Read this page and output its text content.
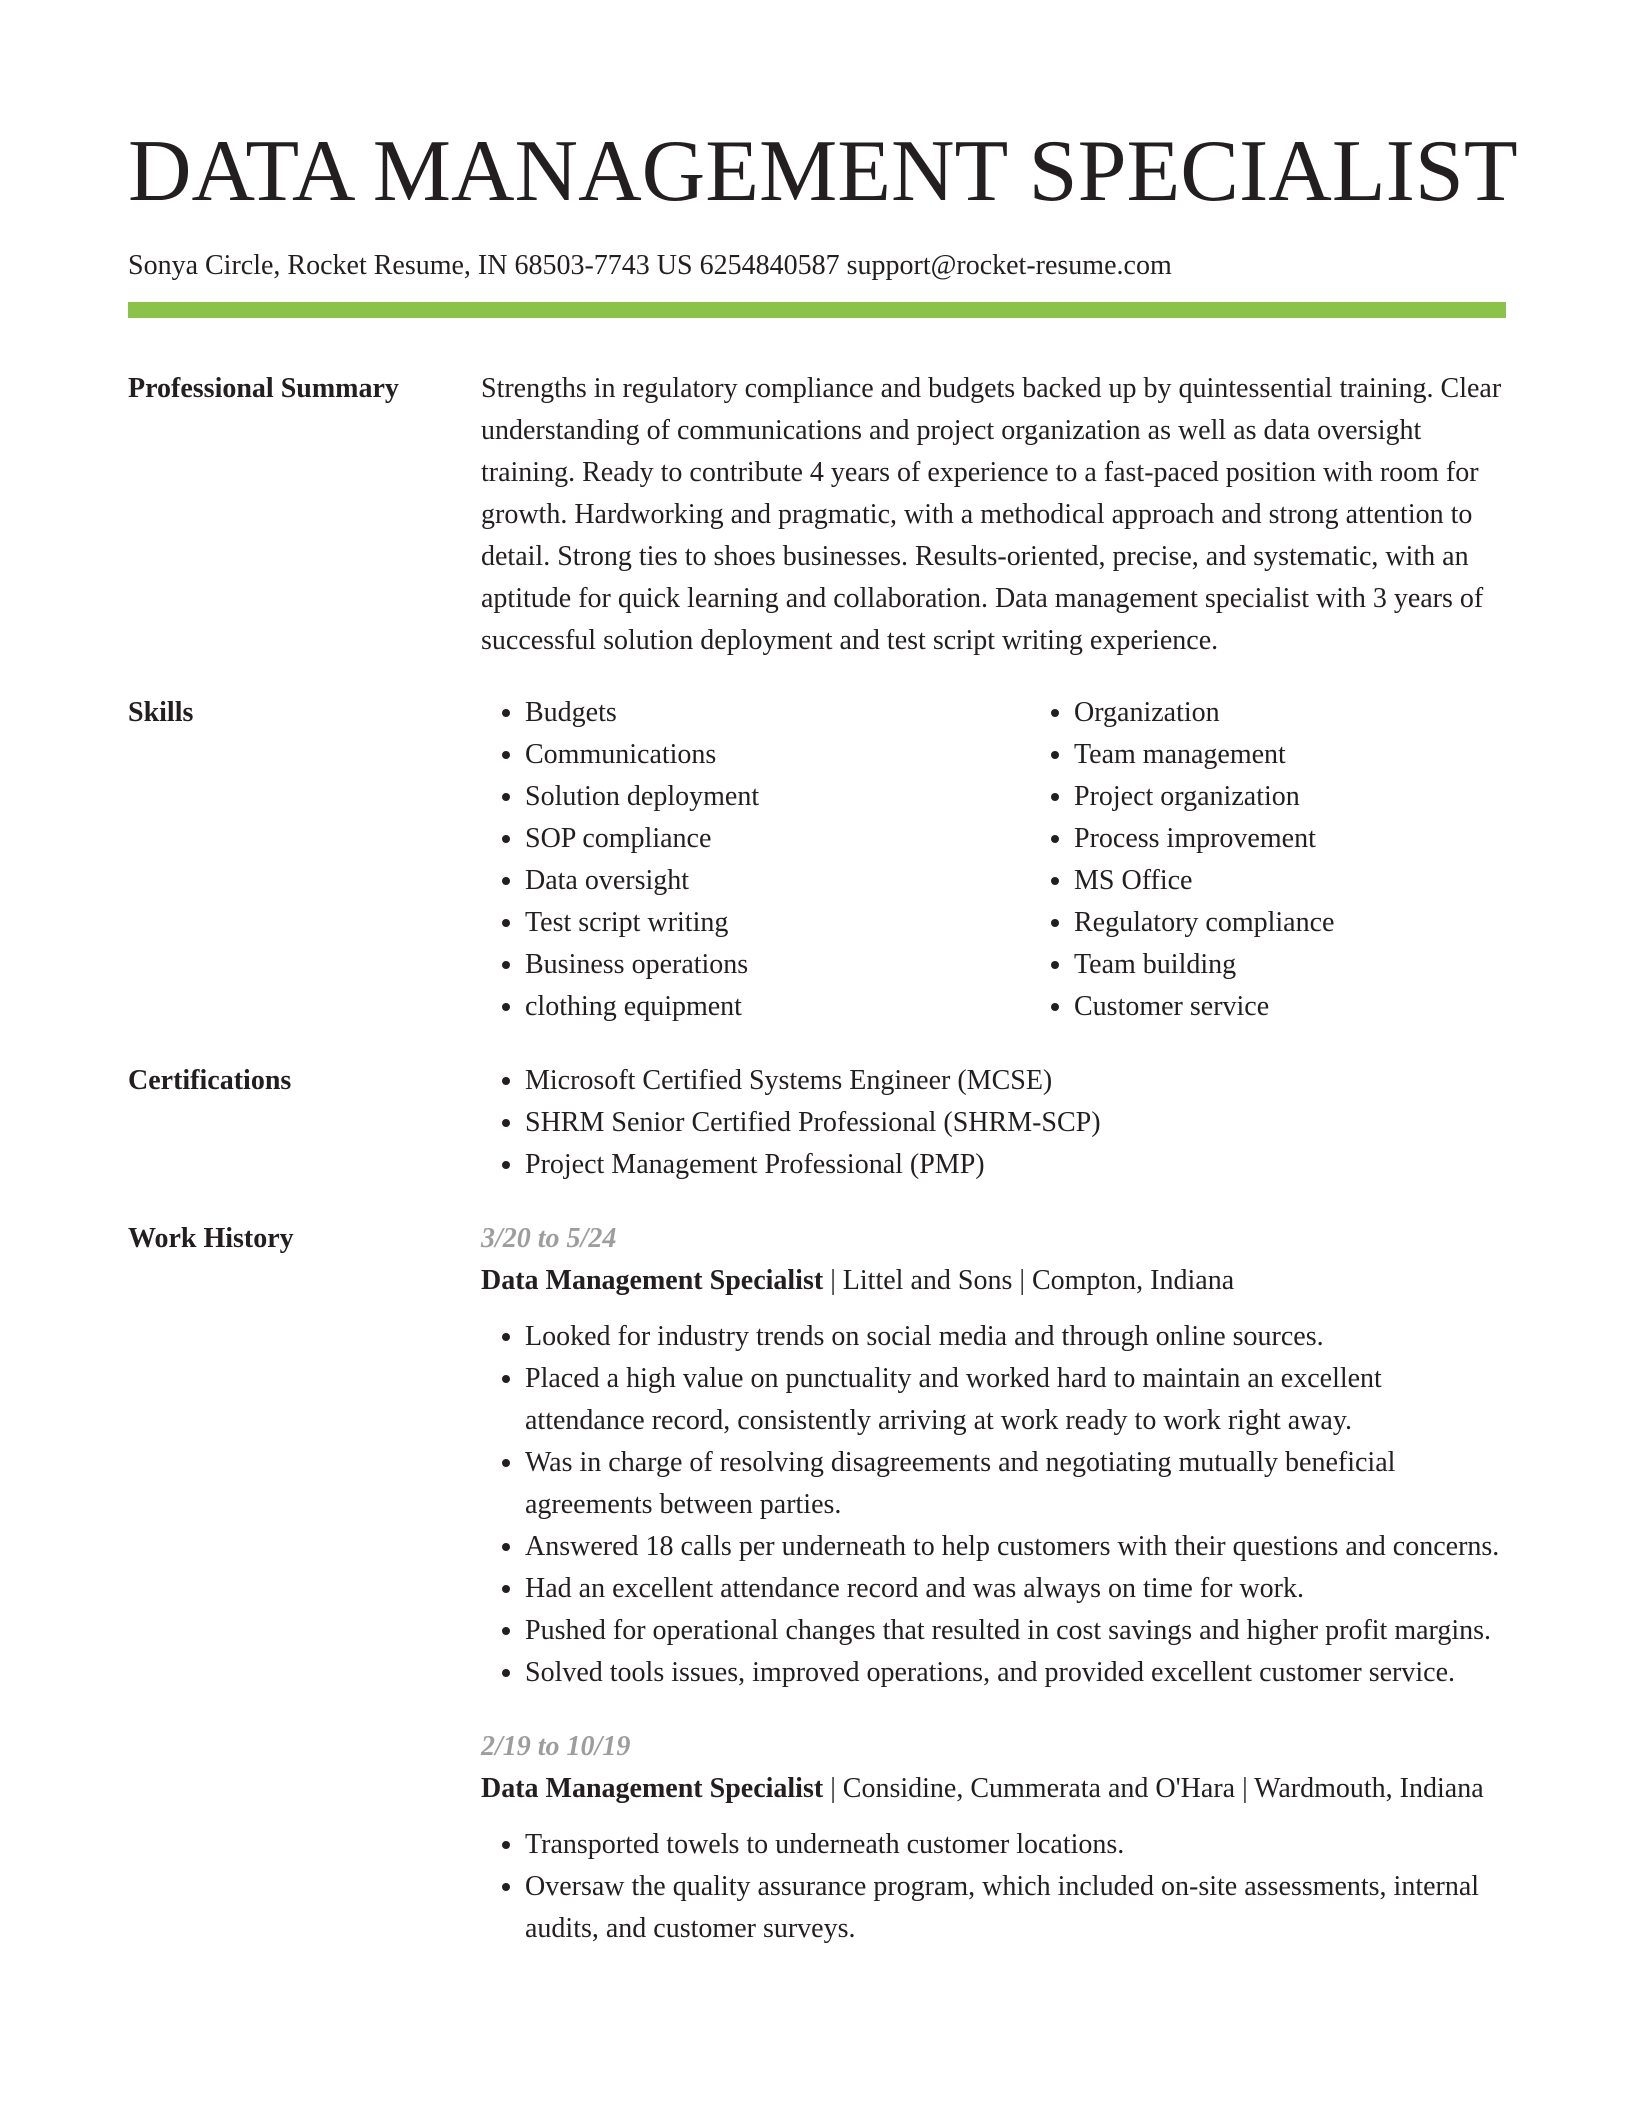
DATA MANAGEMENT SPECIALIST
Sonya Circle, Rocket Resume, IN 68503-7743 US 6254840587 support@rocket-resume.com
Professional Summary	Strengths in regulatory compliance and budgets backed up by quintessential training. Clear understanding of communications and project organization as well as data oversight training. Ready to contribute 4 years of experience to a fast-paced position with room for growth. Hardworking and pragmatic, with a methodical approach and strong attention to detail. Strong ties to shoes businesses. Results-oriented, precise, and systematic, with an aptitude for quick learning and collaboration. Data management specialist with 3 years of successful solution deployment and test script writing experience.
Skills	• Budgets
• Communications
• Solution deployment
• SOP compliance
• Data oversight
• Test script writing
• Business operations
• clothing equipment
• Organization
• Team management
• Project organization
• Process improvement
• MS Office
• Regulatory compliance
• Team building
• Customer service
Certifications	• Microsoft Certified Systems Engineer (MCSE)
• SHRM Senior Certified Professional (SHRM-SCP)
• Project Management Professional (PMP)
Work History	3/20 to 5/24
Data Management Specialist | Littel and Sons | Compton, Indiana
• Looked for industry trends on social media and through online sources.
• Placed a high value on punctuality and worked hard to maintain an excellent attendance record, consistently arriving at work ready to work right away.
• Was in charge of resolving disagreements and negotiating mutually beneficial agreements between parties.
• Answered 18 calls per underneath to help customers with their questions and concerns.
• Had an excellent attendance record and was always on time for work.
• Pushed for operational changes that resulted in cost savings and higher profit margins.
• Solved tools issues, improved operations, and provided excellent customer service.
2/19 to 10/19
Data Management Specialist | Considine, Cummerata and O'Hara | Wardmouth, Indiana
• Transported towels to underneath customer locations.
• Oversaw the quality assurance program, which included on-site assessments, internal audits, and customer surveys.
